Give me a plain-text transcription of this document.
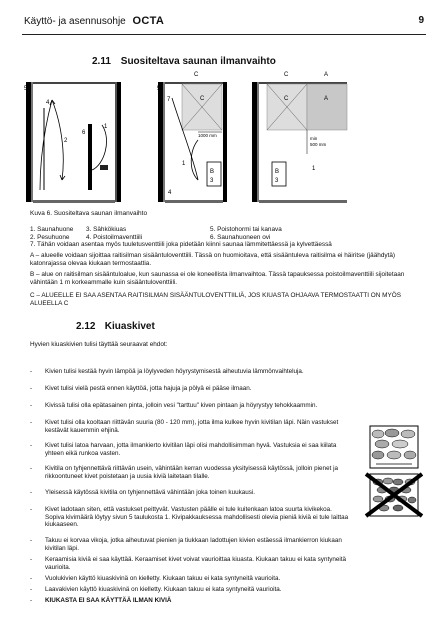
Käyttö- ja asennusohje OCTA	9
2.11 Suositeltava saunan ilmanvaihto
5
4
2
6
1
5
7
C
C
1000 mm
B
3
4
1
C	A
C	A
min
500 mm
B
3
1
Kuva 6. Suositeltava saunan ilmanvaihto
1. Saunahuone
2. Pesuhuone
3. Sähkökiuas
4. Poistoilmaventtiili
5. Poistohormi tai kanava
6. Saunahuoneen ovi
7. Tähän voidaan asentaa myös tuuletusventtiili joka pidetään kiinni saunaa lämmitettäessä ja kylvettäessä
A – alueelle voidaan sijoittaa raitisilman sisääntuloventtiili. Tässä on huomioitava, että sisääntuleva raitisilma ei häiritse (jäähdytä) katonrajassa olevaa kiukaan termostaattia.
B – alue on raitisilman sisääntuloalue, kun saunassa ei ole koneellista ilmanvaihtoa. Tässä tapauksessa poistoilmaventtiili sijoitetaan vähintään 1 m korkeammalle kuin sisääntuloventtiili.
C – ALUEELLE EI SAA ASENTAA RAITISILMAN SISÄÄNTULOVENTTIILIÄ, JOS KIUASTA OHJAAVA TERMOSTAATTI ON MYÖS ALUEELLA C
2.12 Kiuaskivet
Hyvien kiuaskivien tulisi täyttää seuraavat ehdot:
- Kivien tulisi kestää hyvin lämpöä ja löylyveden höyrystymisestä aiheutuvia lämmönvaihteluja.
- Kivet tulisi vielä pestä ennen käyttöä, jotta hajuja ja pölyä ei pääse ilmaan.
- Kivissä tulisi olla epätasainen pinta, jolloin vesi "tarttuu" kiven pintaan ja höyrystyy tehokkaammin.
- Kivet tulisi olla kooltaan riittävän suuria (80 - 120 mm), jotta ilma kulkee hyvin kivitilan läpi. Näin vastukset kestävät kauemmin ehjinä.
- Kivet tulisi latoa harvaan, jotta ilmankierto kivitilan läpi olisi mahdollisimman hyvä. Vastuksia ei saa kiilata yhteen eikä runkoa vasten.
- Kivitila on tyhjennettävä riittävän usein, vähintään kerran vuodessa yksityisessä käytössä, jolloin pienet ja rikkoontuneet kivet poistetaan ja uusia kiviä laitetaan tilalle.
- Yleisessä käytössä kivitila on tyhjennettävä vähintään joka toinen kuukausi.
- Kivet ladotaan siten, että vastukset peittyvät. Vastusten päälle ei tule kuitenkaan latoa suurta kivikekoa. Sopiva kivimäärä löytyy sivun 5 taulukosta 1. Kivipakkauksessa mahdollisesti olevia pieniä kiviä ei tule laittaa kiukaaseen.
- Takuu ei korvaa vikoja, jotka aiheutuvat pienien ja tiukkaan ladottujen kivien estäessä ilmankierron kiukaan kivitilan läpi.
- Keraamisia kiviä ei saa käyttää. Keraamiset kivet voivat vaurioittaa kiuasta. Kiukaan takuu ei kata syntyneitä vaurioita.
- Vuolukivien käyttö kiuaskivinä on kielletty. Kiukaan takuu ei kata syntyneitä vaurioita.
- Laavakivien käyttö kiuaskivinä on kielletty. Kiukaan takuu ei kata syntyneitä vaurioita.
- KIUKASTA EI SAA KÄYTTÄÄ ILMAN KIVIÄ
